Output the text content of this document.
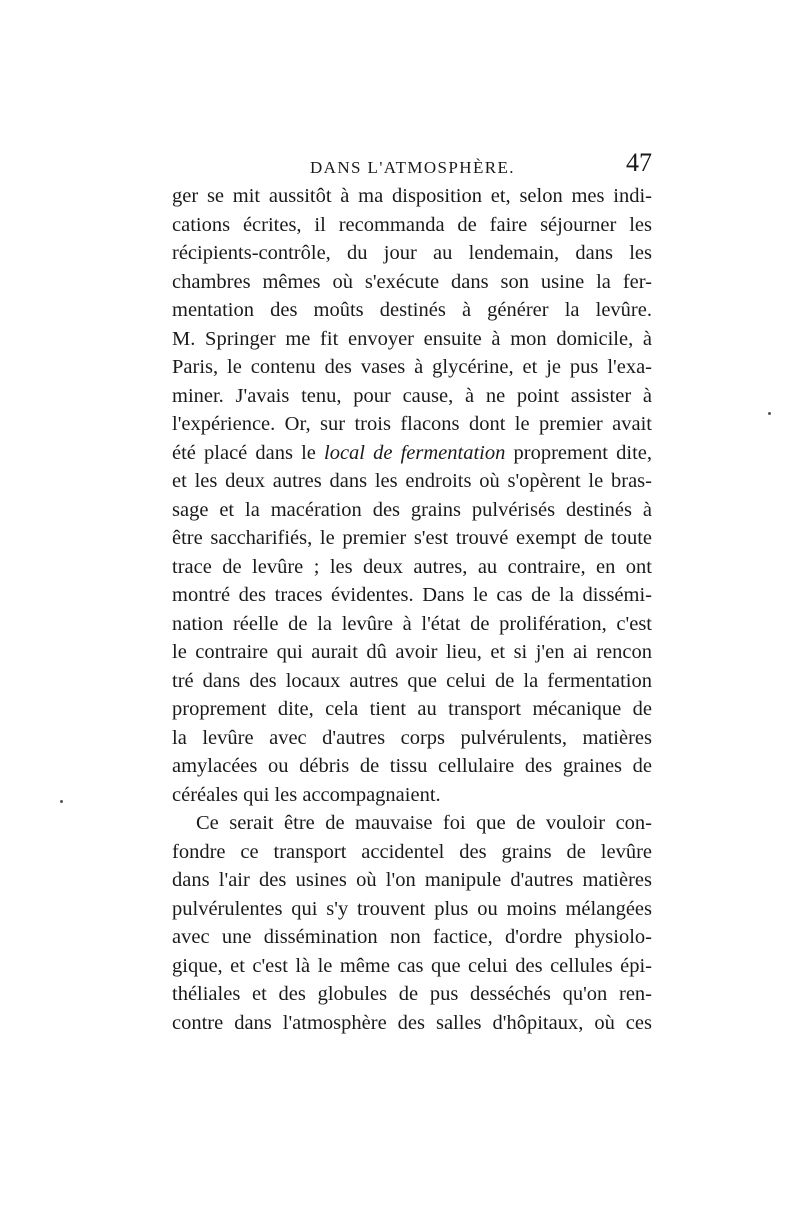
DANS L'ATMOSPHÈRE.	47
ger se mit aussitôt à ma disposition et, selon mes indi-
cations écrites, il recommanda de faire séjourner les
récipients-contrôle, du jour au lendemain, dans les
chambres mêmes où s'exécute dans son usine la fer-
mentation des moûts destinés à générer la levûre.
M. Springer me fit envoyer ensuite à mon domicile, à
Paris, le contenu des vases à glycérine, et je pus l'exa-
miner. J'avais tenu, pour cause, à ne point assister à
l'expérience. Or, sur trois flacons dont le premier avait
été placé dans le local de fermentation proprement dite,
et les deux autres dans les endroits où s'opèrent le bras-
sage et la macération des grains pulvérisés destinés à
être saccharifiés, le premier s'est trouvé exempt de toute
trace de levûre ; les deux autres, au contraire, en ont
montré des traces évidentes. Dans le cas de la dissémi-
nation réelle de la levûre à l'état de prolifération, c'est
le contraire qui aurait dû avoir lieu, et si j'en ai rencon
tré dans des locaux autres que celui de la fermentation
proprement dite, cela tient au transport mécanique de
la levûre avec d'autres corps pulvérulents, matières
amylacées ou débris de tissu cellulaire des graines de
céréales qui les accompagnaient.
Ce serait être de mauvaise foi que de vouloir con-
fondre ce transport accidentel des grains de levûre
dans l'air des usines où l'on manipule d'autres matières
pulvérulentes qui s'y trouvent plus ou moins mélangées
avec une dissémination non factice, d'ordre physiolo-
gique, et c'est là le même cas que celui des cellules épi-
théliales et des globules de pus desséchés qu'on ren-
contre dans l'atmosphère des salles d'hôpitaux, où ces
